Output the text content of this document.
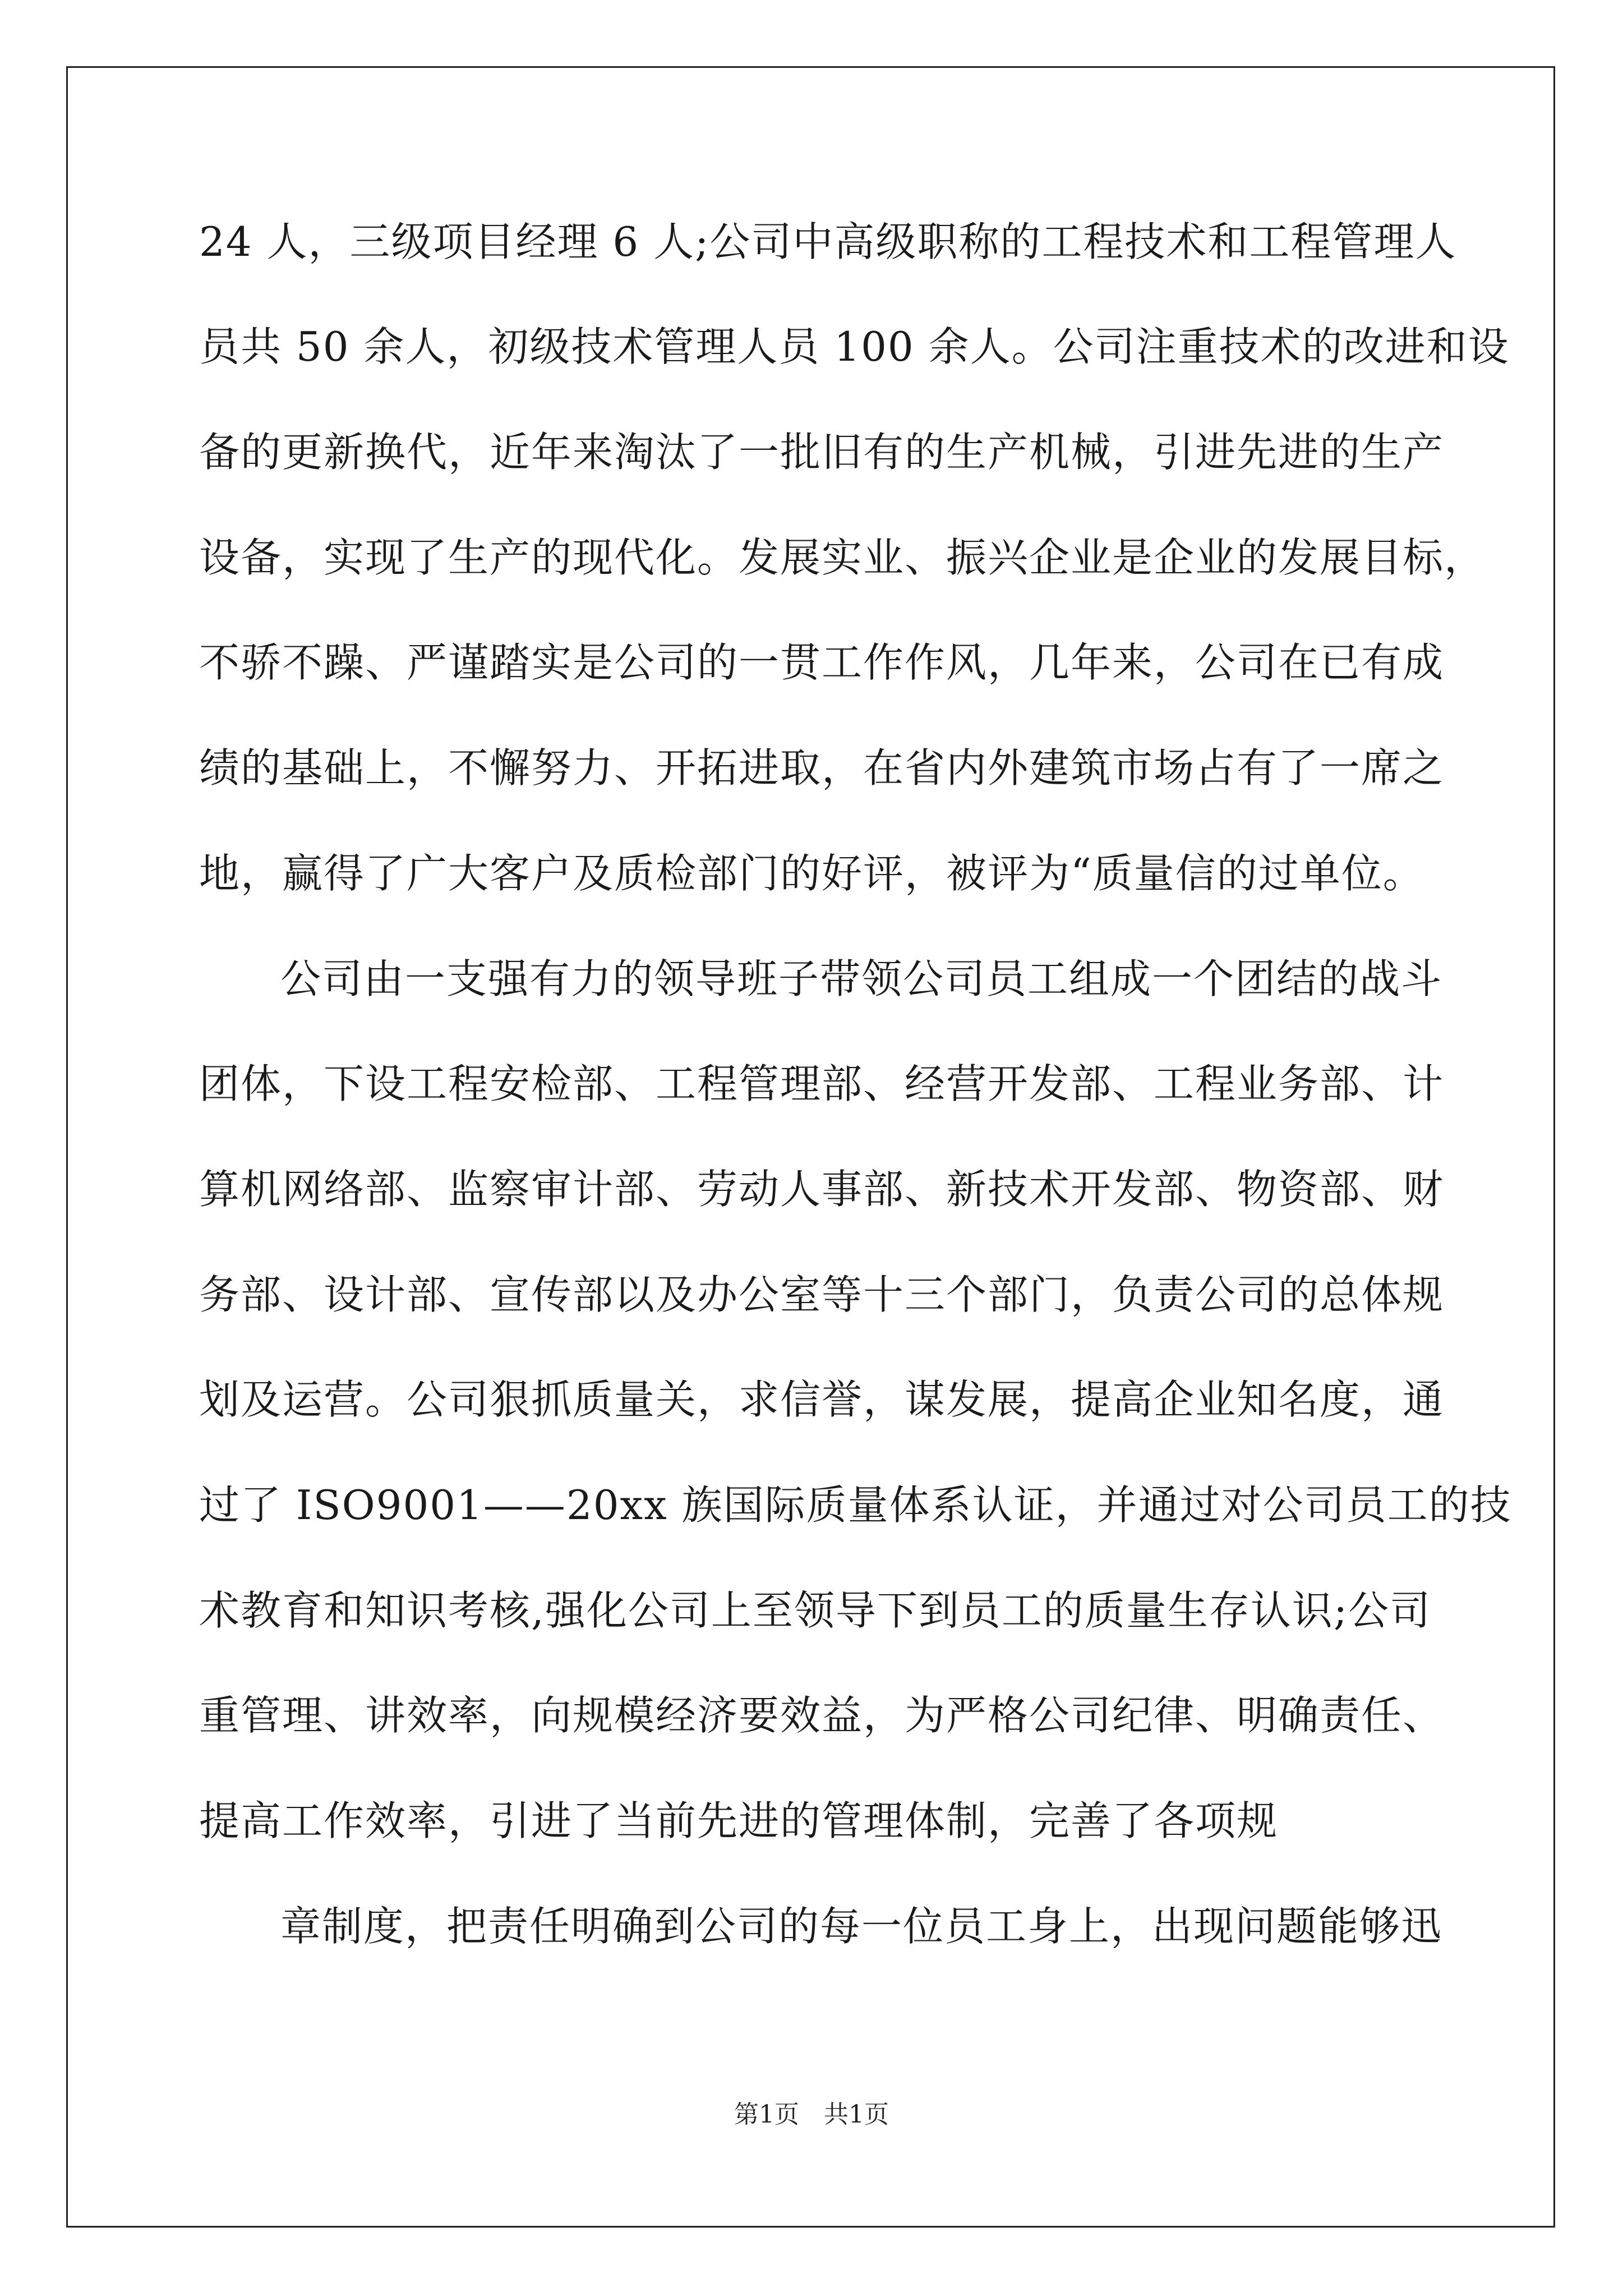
24 人，三级项目经理 6 人;公司中高级职称的工程技术和工程管理人
员共 50 余人，初级技术管理人员 100 余人。公司注重技术的改进和设
备的更新换代，近年来淘汰了一批旧有的生产机械，引进先进的生产
设备，实现了生产的现代化。发展实业、振兴企业是企业的发展目标，
不骄不躁、严谨踏实是公司的一贯工作作风，几年来，公司在已有成
绩的基础上，不懈努力、开拓进取，在省内外建筑市场占有了一席之
地，赢得了广大客户及质检部门的好评，被评为“质量信的过单位。
公司由一支强有力的领导班子带领公司员工组成一个团结的战斗
团体，下设工程安检部、工程管理部、经营开发部、工程业务部、计
算机网络部、监察审计部、劳动人事部、新技术开发部、物资部、财
务部、设计部、宣传部以及办公室等十三个部门，负责公司的总体规
划及运营。公司狠抓质量关，求信誉，谋发展，提高企业知名度，通
过了 ISO9001——20xx 族国际质量体系认证，并通过对公司员工的技
术教育和知识考核,强化公司上至领导下到员工的质量生存认识;公司
重管理、讲效率，向规模经济要效益，为严格公司纪律、明确责任、
提高工作效率，引进了当前先进的管理体制，完善了各项规
章制度，把责任明确到公司的每一位员工身上，出现问题能够迅
第1页　共1页
